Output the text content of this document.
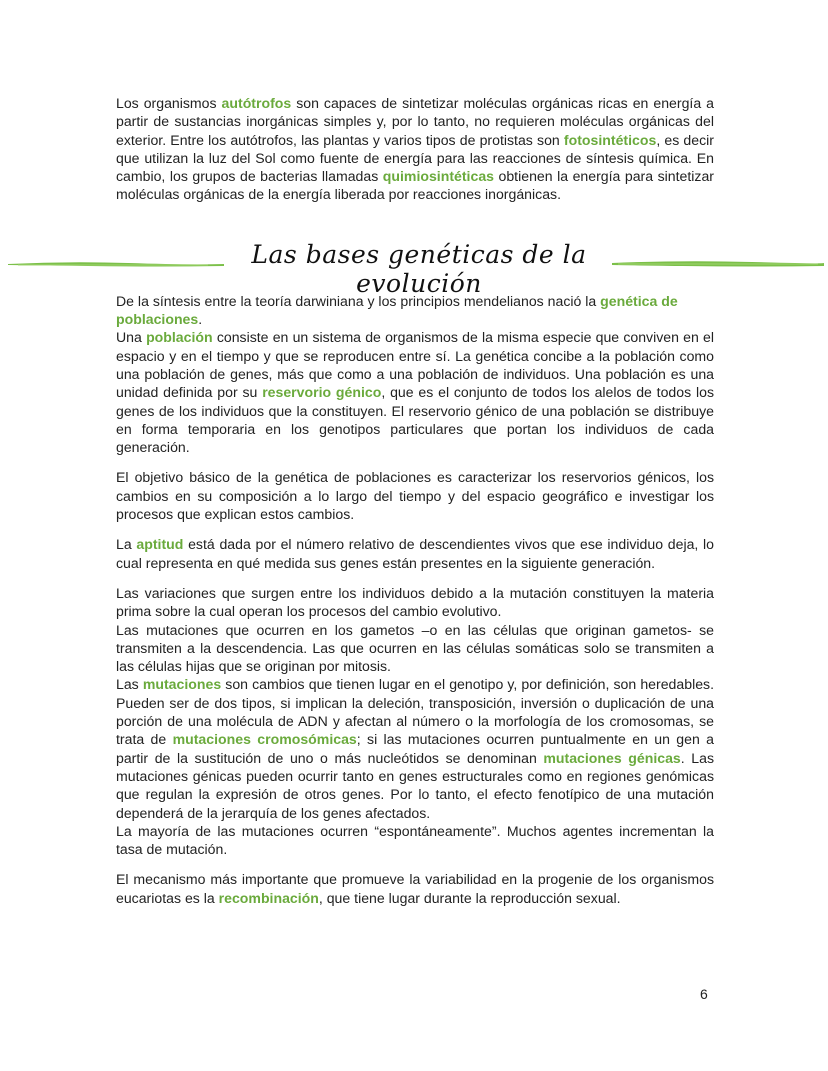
Los organismos autótrofos son capaces de sintetizar moléculas orgánicas ricas en energía a partir de sustancias inorgánicas simples y, por lo tanto, no requieren moléculas orgánicas del exterior. Entre los autótrofos, las plantas y varios tipos de protistas son fotosintéticos, es decir que utilizan la luz del Sol como fuente de energía para las reacciones de síntesis química. En cambio, los grupos de bacterias llamadas quimiosintéticas obtienen la energía para sintetizar moléculas orgánicas de la energía liberada por reacciones inorgánicas.

De la síntesis entre la teoría darwiniana y los principios mendelianos nació la genética de poblaciones.

Una población consiste en un sistema de organismos de la misma especie que conviven en el espacio y en el tiempo y que se reproducen entre sí. La genética concibe a la población como una población de genes, más que como a una población de individuos. Una población es una unidad definida por su reservorio génico, que es el conjunto de todos los alelos de todos los genes de los individuos que la constituyen. El reservorio génico de una población se distribuye en forma temporaria en los genotipos particulares que portan los individuos de cada generación.

El objetivo básico de la genética de poblaciones es caracterizar los reservorios génicos, los cambios en su composición a lo largo del tiempo y del espacio geográfico e investigar los procesos que explican estos cambios.

La aptitud está dada por el número relativo de descendientes vivos que ese individuo deja, lo cual representa en qué medida sus genes están presentes en la siguiente generación.

Las variaciones que surgen entre los individuos debido a la mutación constituyen la materia prima sobre la cual operan los procesos del cambio evolutivo.

Las mutaciones que ocurren en los gametos –o en las células que originan gametos- se transmiten a la descendencia. Las que ocurren en las células somáticas solo se transmiten a las células hijas que se originan por mitosis.

Las mutaciones son cambios que tienen lugar en el genotipo y, por definición, son heredables. Pueden ser de dos tipos, si implican la deleción, transposición, inversión o duplicación de una porción de una molécula de ADN y afectan al número o la morfología de los cromosomas, se trata de mutaciones cromosómicas; si las mutaciones ocurren puntualmente en un gen a partir de la sustitución de uno o más nucleótidos se denominan mutaciones génicas. Las mutaciones génicas pueden ocurrir tanto en genes estructurales como en regiones genómicas que regulan la expresión de otros genes. Por lo tanto, el efecto fenotípico de una mutación dependerá de la jerarquía de los genes afectados.

La mayoría de las mutaciones ocurren “espontáneamente”. Muchos agentes incrementan la tasa de mutación.

El mecanismo más importante que promueve la variabilidad en la progenie de los organismos eucariotas es la recombinación, que tiene lugar durante la reproducción sexual.

Las bases genéticas de la evolución
6
